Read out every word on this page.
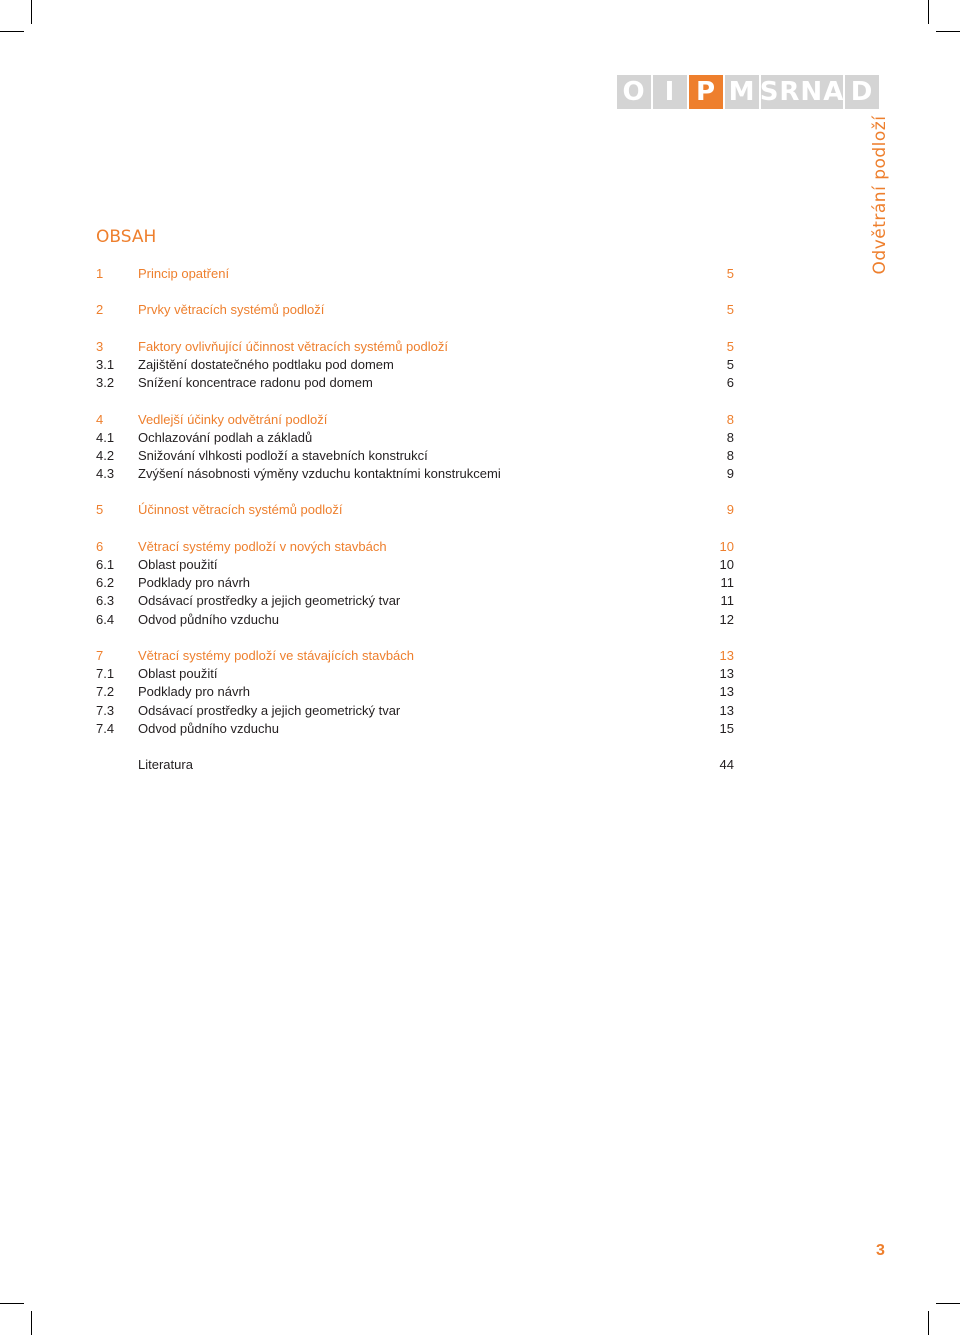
O I P M SRNA D
Odvětrání podloží
OBSAH
1	Princip opatření	5
2	Prvky větracích systémů podloží	5
3	Faktory ovlivňující účinnost větracích systémů podloží	5
3.1 Zajištění dostatečného podtlaku pod domem	5
3.2 Snížení koncentrace radonu pod domem	6
4	Vedlejší účinky odvětrání podloží	8
4.1 Ochlazování podlah a základů	8
4.2 Snižování vlhkosti podloží a stavebních konstrukcí	8
4.3 Zvýšení násobnosti výměny vzduchu kontaktními konstrukcemi	9
5	Účinnost větracích systémů podloží	9
6	Větrací systémy podloží v nových stavbách	10
6.1 Oblast použití	10
6.2 Podklady pro návrh	11
6.3 Odsávací prostředky a jejich geometrický tvar	11
6.4 Odvod půdního vzduchu	12
7	Větrací systémy podloží ve stávajících stavbách	13
7.1 Oblast použití	13
7.2 Podklady pro návrh	13
7.3 Odsávací prostředky a jejich geometrický tvar	13
7.4 Odvod půdního vzduchu	15
Literatura	44
3
